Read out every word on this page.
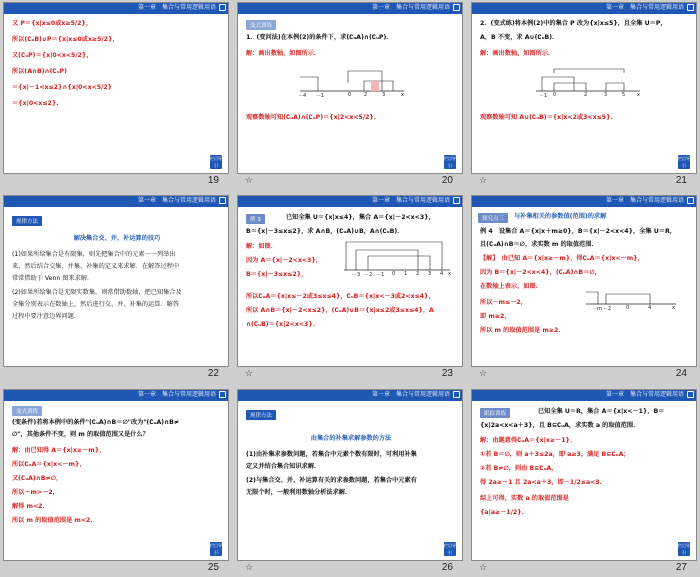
第一章　集合与常用逻辑用语
又 P＝{x|x≤0或x≥5/2}，
所以(∁ᵤB)∪P＝{x|x≤0或x≥5/2}，
又(∁ᵤP)＝{x|0<x<5/2}，
所以(A∩B)∩(∁ᵤP)
＝{x|－1<x≤2}∩{x|0<x<5/2}
＝{x|0<x≤2}.
栏目导引
19
第一章　集合与常用逻辑用语
变式训练
1．(变问法)在本例(2)的条件下，求(∁ᵤA)∩(∁ᵤP)．
解：画出数轴，如图所示．
－4 －1	0	2	3	x
观察数轴可知(∁ᵤA)∩(∁ᵤP)＝{x|2<x<5/2}．
栏目导引
☆	20
第一章　集合与常用逻辑用语
2．(变式练)将本例(2)中的集合 P 改为{x|x≤5}，且全集 U＝P，
A，B 不变，求 A∪(∁ᵤB)．
解：画出数轴，如图所示．
－1 0	2	3	5 x
观察数轴可知 A∪(∁ᵤB)＝{x|x<2或3<x≤5}．
栏目导引
☆	21
第一章　集合与常用逻辑用语
规律方法
解决集合交、并、补运算的技巧
(1)如果所给集合是有限集，则先把集合中的元素一一列举出
来，然后结合交集、并集、补集的定义来求解．在解答过程中
常常借助于 Venn 图来求解．
(2)如果所给集合是无限实数集，则常借助数轴，把已知集合及
全集分别表示在数轴上，然后进行交、并、补集的运算．解答
过程中要注意边界问题．
22
第一章　集合与常用逻辑用语
例 3	已知全集 U＝{x|x≤4}，集合 A＝{x|－2<x<3}，
B＝{x|－3≤x≤2}，求 A∩B，(∁ᵤA)∪B，A∩(∁ᵤB)．
解：如图．
因为 A＝{x|－2<x<3}，
B＝{x|－3≤x≤2}，	－3 －2 －1 0 1 2 3 4 x
所以∁ᵤA＝{x|x≤－2或3≤x≤4}，∁ᵤB＝{x|x<－3或2<x≤4}，
所以 A∩B＝{x|－2<x≤2}，(∁ᵤA)∪B＝{x|x≤2或3≤x≤4}，A
∩(∁ᵤB)＝{x|2<x<3}．
☆	23
第一章　集合与常用逻辑用语
探究点三	与补集相关的参数值(范围)的求解
例 4　设集合 A＝{x|x＋m≥0}，B＝{x|－2<x<4}，全集 U＝R，
且(∁ᵤA)∩B＝∅，求实数 m 的取值范围．
【解】　由已知 A＝{x|x≥－m}，得∁ᵤA＝{x|x<－m}，
因为 B＝{x|－2<x<4}，(∁ᵤA)∩B＝∅，
在数轴上表示，如图．
－m －2	0	4	x
所以－m≤－2，
即 m≥2，
所以 m 的取值范围是 m≥2．
☆	24
第一章　集合与常用逻辑用语
变式训练
(变条件)若将本例中的条件"(∁ᵤA)∩B＝∅"改为"(∁ᵤA)∩B≠
∅"，其他条件不变，则 m 的取值范围又是什么？
解：由已知得 A＝{x|x≥－m}，
所以∁ᵤA＝{x|x<－m}，
又(∁ᵤA)∩B≠∅，
所以－m>－2，
解得 m<2．
所以 m 的取值范围是 m<2．
栏目导引
25
第一章　集合与常用逻辑用语
规律方法
由集合的补集求解参数的方法
(1)由补集求参数问题，若集合中元素个数有限时，可利用补集
定义并结合集合知识求解．
(2)与集合交、并、补运算有关的求参数问题，若集合中元素有
无限个时，一般利用数轴分析法求解．
栏目导引
☆	26
第一章　集合与常用逻辑用语
跟踪训练	已知全集 U＝R，集合 A＝{x|x<－1}，B＝
{x|2a<x<a＋3}，且 B⊆∁ᵤA，求实数 a 的取值范围．
解：由题意得∁ᵤA＝{x|x≥－1}．
①若 B＝∅，则 a＋3≤2a，即 a≥3，满足 B⊆∁ᵤA；
②若 B≠∅，则由 B⊆∁ᵤA，
得 2a≥－1 且 2a<a＋3，即－1/2≤a<3．
综上可得，实数 a 的取值范围是
{a|a≥－1/2}．
栏目导引
☆	27
